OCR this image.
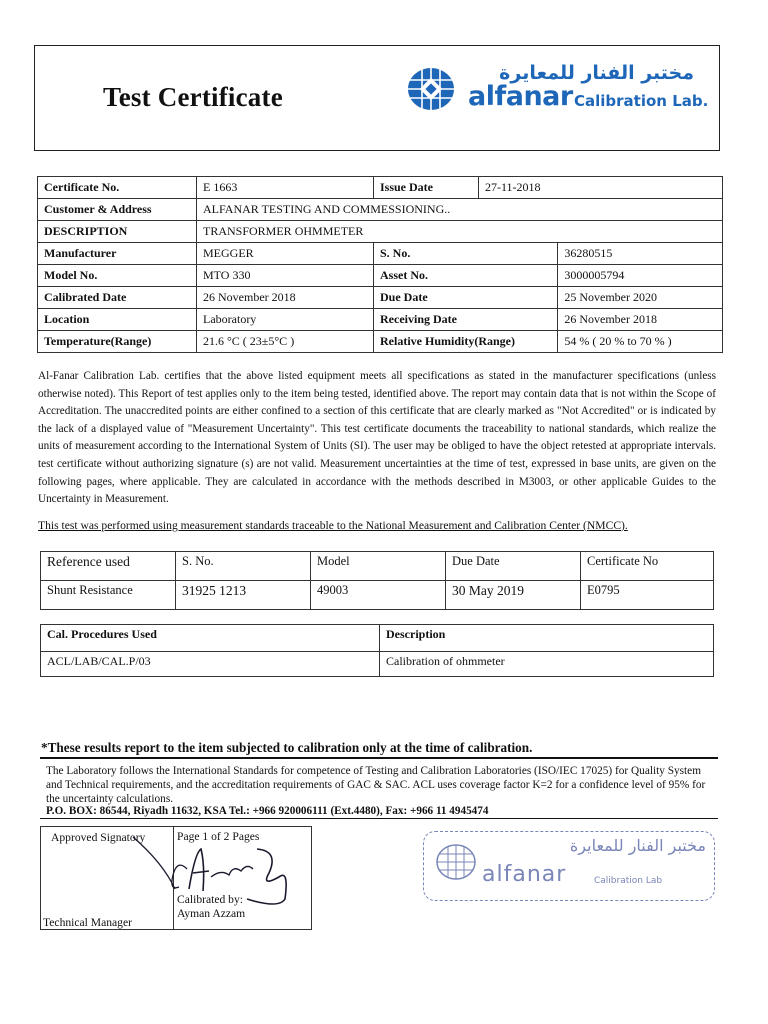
Test Certificate
مختبر الفنار للمعايرة
alfanar Calibration Lab.
Certificate No.	E 1663	Issue Date	27-11-2018	
Customer & Address	ALFANAR TESTING AND COMMESSIONING..			
DESCRIPTION	TRANSFORMER OHMMETER			
Manufacturer	MEGGER	S. No.		36280515
Model No.	MTO 330	Asset No.		3000005794
Calibrated Date	26 November 2018	Due Date		25 November 2020
Location	Laboratory	Receiving Date		26 November 2018
Temperature(Range)	21.6 °C ( 23±5°C )	Relative Humidity(Range)		54 % ( 20 % to 70 % )
Al-Fanar Calibration Lab. certifies that the above listed equipment meets all specifications as stated in the manufacturer specifications (unless otherwise noted). This Report of test applies only to the item being tested, identified above. The report may contain data that is not within the Scope of Accreditation. The unaccredited points are either confined to a section of this certificate that are clearly marked as "Not Accredited" or is indicated by the lack of a displayed value of "Measurement Uncertainty". This test certificate documents the traceability to national standards, which realize the units of measurement according to the International System of Units (SI). The user may be obliged to have the object retested at appropriate intervals. test certificate without authorizing signature (s) are not valid. Measurement uncertainties at the time of test, expressed in base units, are given on the following pages, where applicable. They are calculated in accordance with the methods described in M3003, or other applicable Guides to the Uncertainty in Measurement.
This test was performed using measurement standards traceable to the National Measurement and Calibration Center (NMCC).
Reference used	S. No.	Model	Due Date	Certificate No
Shunt Resistance	31925 1213	49003	30 May 2019	E0795
Cal. Procedures Used	Description
ACL/LAB/CAL.P/03	Calibration of ohmmeter
*These results report to the item subjected to calibration only at the time of calibration.
The Laboratory follows the International Standards for competence of Testing and Calibration Laboratories (ISO/IEC 17025) for Quality System and Technical requirements, and the accreditation requirements of GAC & SAC. ACL uses coverage factor K=2 for a confidence level of 95% for the uncertainty calculations.
P.O. BOX: 86544, Riyadh 11632, KSA Tel.: +966 920006111 (Ext.4480), Fax: +966 11 4945474
Approved Signatory	Page 1 of 2 Pages
Calibrated by:
Ayman Azzam
Technical Manager
مختبر الفنار للمعايرة
alfanar	Calibration Lab
